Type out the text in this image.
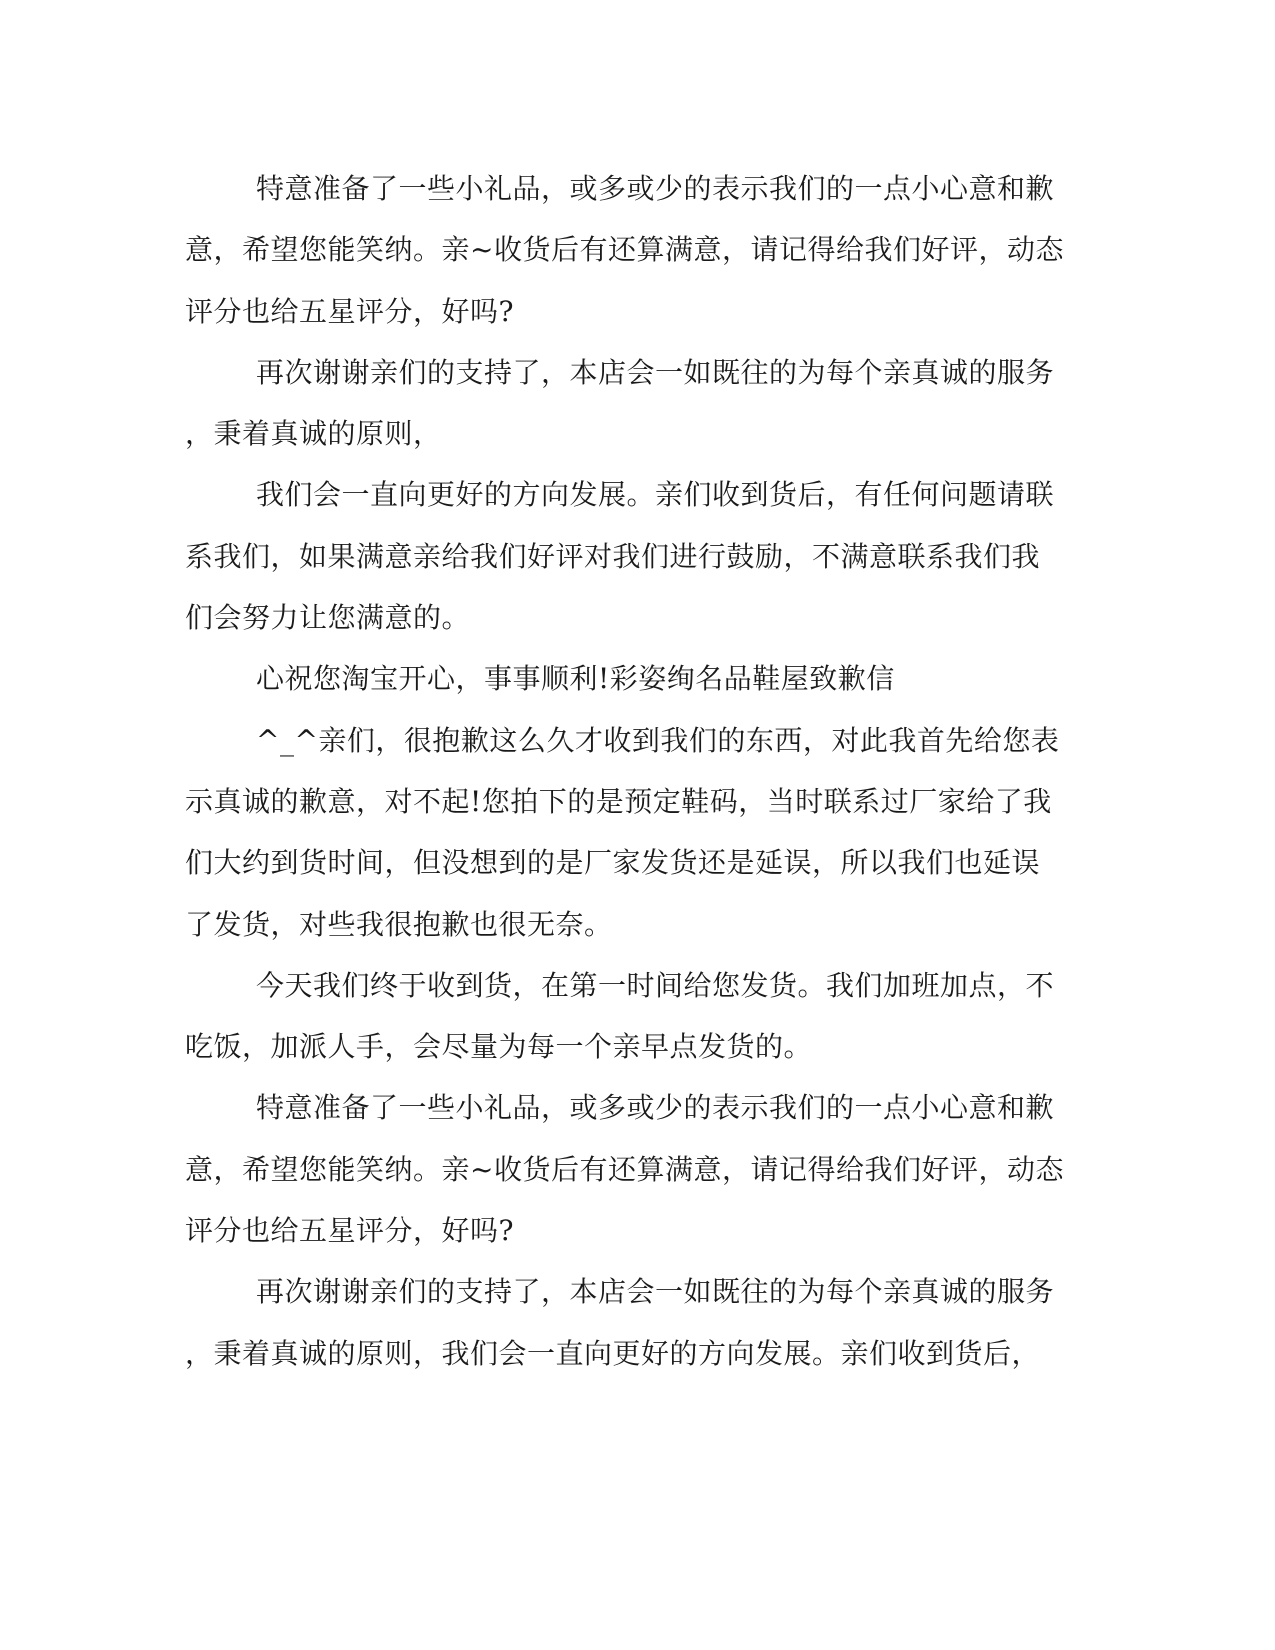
特意准备了一些小礼品，或多或少的表示我们的一点小心意和歉
意，希望您能笑纳。亲~收货后有还算满意，请记得给我们好评，动态
评分也给五星评分，好吗?
再次谢谢亲们的支持了，本店会一如既往的为每个亲真诚的服务
，秉着真诚的原则，
我们会一直向更好的方向发展。亲们收到货后，有任何问题请联
系我们，如果满意亲给我们好评对我们进行鼓励，不满意联系我们我
们会努力让您满意的。
心祝您淘宝开心，事事顺利!彩姿绚名品鞋屋致歉信
^_^亲们，很抱歉这么久才收到我们的东西，对此我首先给您表
示真诚的歉意，对不起!您拍下的是预定鞋码，当时联系过厂家给了我
们大约到货时间，但没想到的是厂家发货还是延误，所以我们也延误
了发货，对些我很抱歉也很无奈。
今天我们终于收到货，在第一时间给您发货。我们加班加点，不
吃饭，加派人手，会尽量为每一个亲早点发货的。
特意准备了一些小礼品，或多或少的表示我们的一点小心意和歉
意，希望您能笑纳。亲~收货后有还算满意，请记得给我们好评，动态
评分也给五星评分，好吗?
再次谢谢亲们的支持了，本店会一如既往的为每个亲真诚的服务
，秉着真诚的原则，我们会一直向更好的方向发展。亲们收到货后，
